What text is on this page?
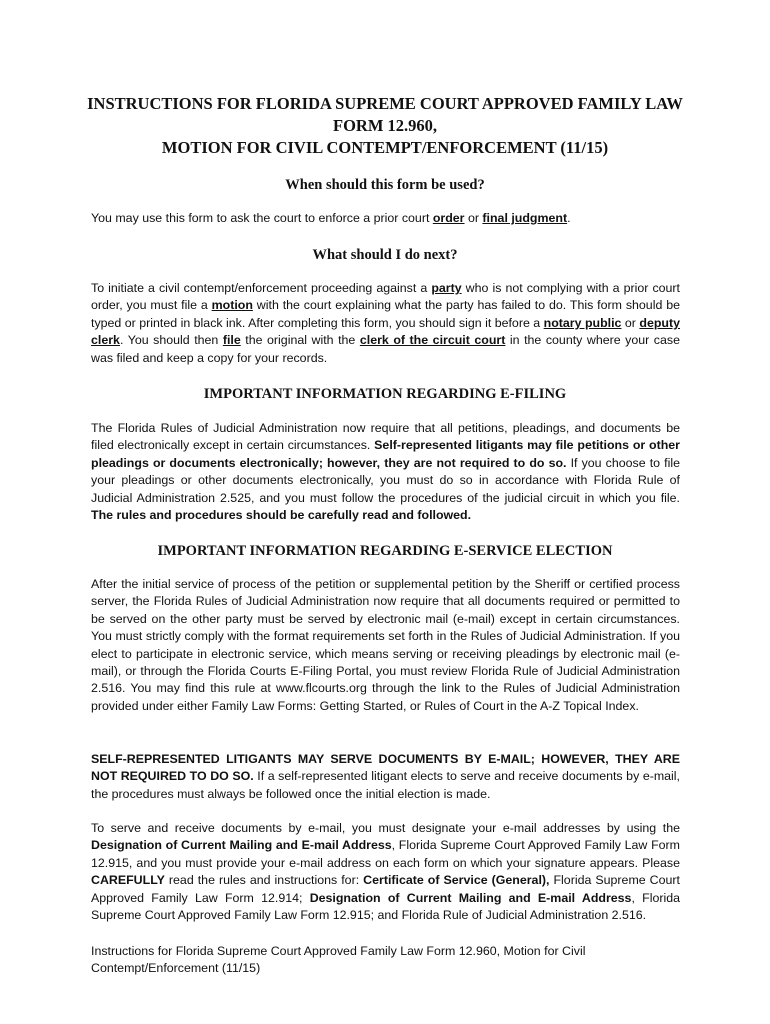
INSTRUCTIONS FOR FLORIDA SUPREME COURT APPROVED FAMILY LAW
FORM 12.960,
MOTION FOR CIVIL CONTEMPT/ENFORCEMENT (11/15)
When should this form be used?

You may use this form to ask the court to enforce a prior court order or final judgment.

What should I do next?

To initiate a civil contempt/enforcement proceeding against a party who is not complying with a prior court order, you must file a motion with the court explaining what the party has failed to do. This form should be typed or printed in black ink. After completing this form, you should sign it before a notary public or deputy clerk. You should then file the original with the clerk of the circuit court in the county where your case was filed and keep a copy for your records.

IMPORTANT INFORMATION REGARDING E-FILING

The Florida Rules of Judicial Administration now require that all petitions, pleadings, and documents be filed electronically except in certain circumstances. Self-represented litigants may file petitions or other pleadings or documents electronically; however, they are not required to do so. If you choose to file your pleadings or other documents electronically, you must do so in accordance with Florida Rule of Judicial Administration 2.525, and you must follow the procedures of the judicial circuit in which you file. The rules and procedures should be carefully read and followed.

IMPORTANT INFORMATION REGARDING E-SERVICE ELECTION

After the initial service of process of the petition or supplemental petition by the Sheriff or certified process server, the Florida Rules of Judicial Administration now require that all documents required or permitted to be served on the other party must be served by electronic mail (e-mail) except in certain circumstances. You must strictly comply with the format requirements set forth in the Rules of Judicial Administration. If you elect to participate in electronic service, which means serving or receiving pleadings by electronic mail (e-mail), or through the Florida Courts E-Filing Portal, you must review Florida Rule of Judicial Administration 2.516. You may find this rule at www.flcourts.org through the link to the Rules of Judicial Administration provided under either Family Law Forms: Getting Started, or Rules of Court in the A-Z Topical Index.

SELF-REPRESENTED LITIGANTS MAY SERVE DOCUMENTS BY E-MAIL; HOWEVER, THEY ARE NOT REQUIRED TO DO SO. If a self-represented litigant elects to serve and receive documents by e-mail, the procedures must always be followed once the initial election is made.

To serve and receive documents by e-mail, you must designate your e-mail addresses by using the Designation of Current Mailing and E-mail Address, Florida Supreme Court Approved Family Law Form 12.915, and you must provide your e-mail address on each form on which your signature appears. Please CAREFULLY read the rules and instructions for: Certificate of Service (General), Florida Supreme Court Approved Family Law Form 12.914; Designation of Current Mailing and E-mail Address, Florida Supreme Court Approved Family Law Form 12.915; and Florida Rule of Judicial Administration 2.516.

Instructions for Florida Supreme Court Approved Family Law Form 12.960, Motion for Civil
Contempt/Enforcement (11/15)
